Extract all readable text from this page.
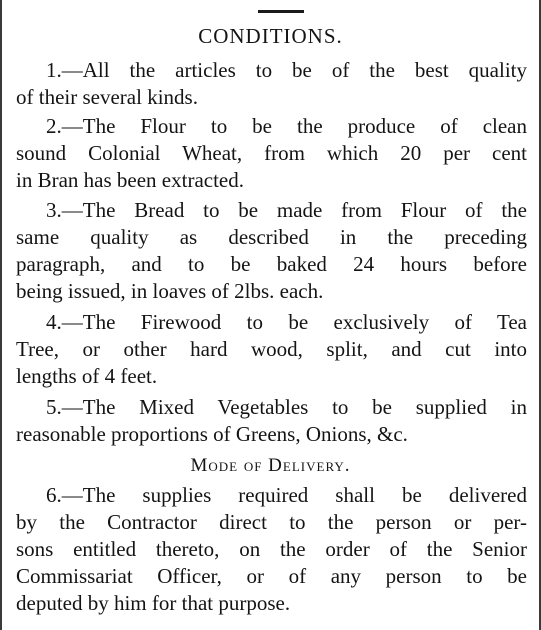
CONDITIONS.
1.—All the articles to be of the best quality
of their several kinds.
2.—The Flour to be the produce of clean
sound Colonial Wheat, from which 20 per cent
in Bran has been extracted.
3.—The Bread to be made from Flour of the
same quality as described in the preceding
paragraph, and to be baked 24 hours before
being issued, in loaves of 2lbs. each.
4.—The Firewood to be exclusively of Tea
Tree, or other hard wood, split, and cut into
lengths of 4 feet.
5.—The Mixed Vegetables to be supplied in
reasonable proportions of Greens, Onions, &c.
Mode of Delivery.
6.—The supplies required shall be delivered
by the Contractor direct to the person or per-
sons entitled thereto, on the order of the Senior
Commissariat Officer, or of any person to be
deputed by him for that purpose.
